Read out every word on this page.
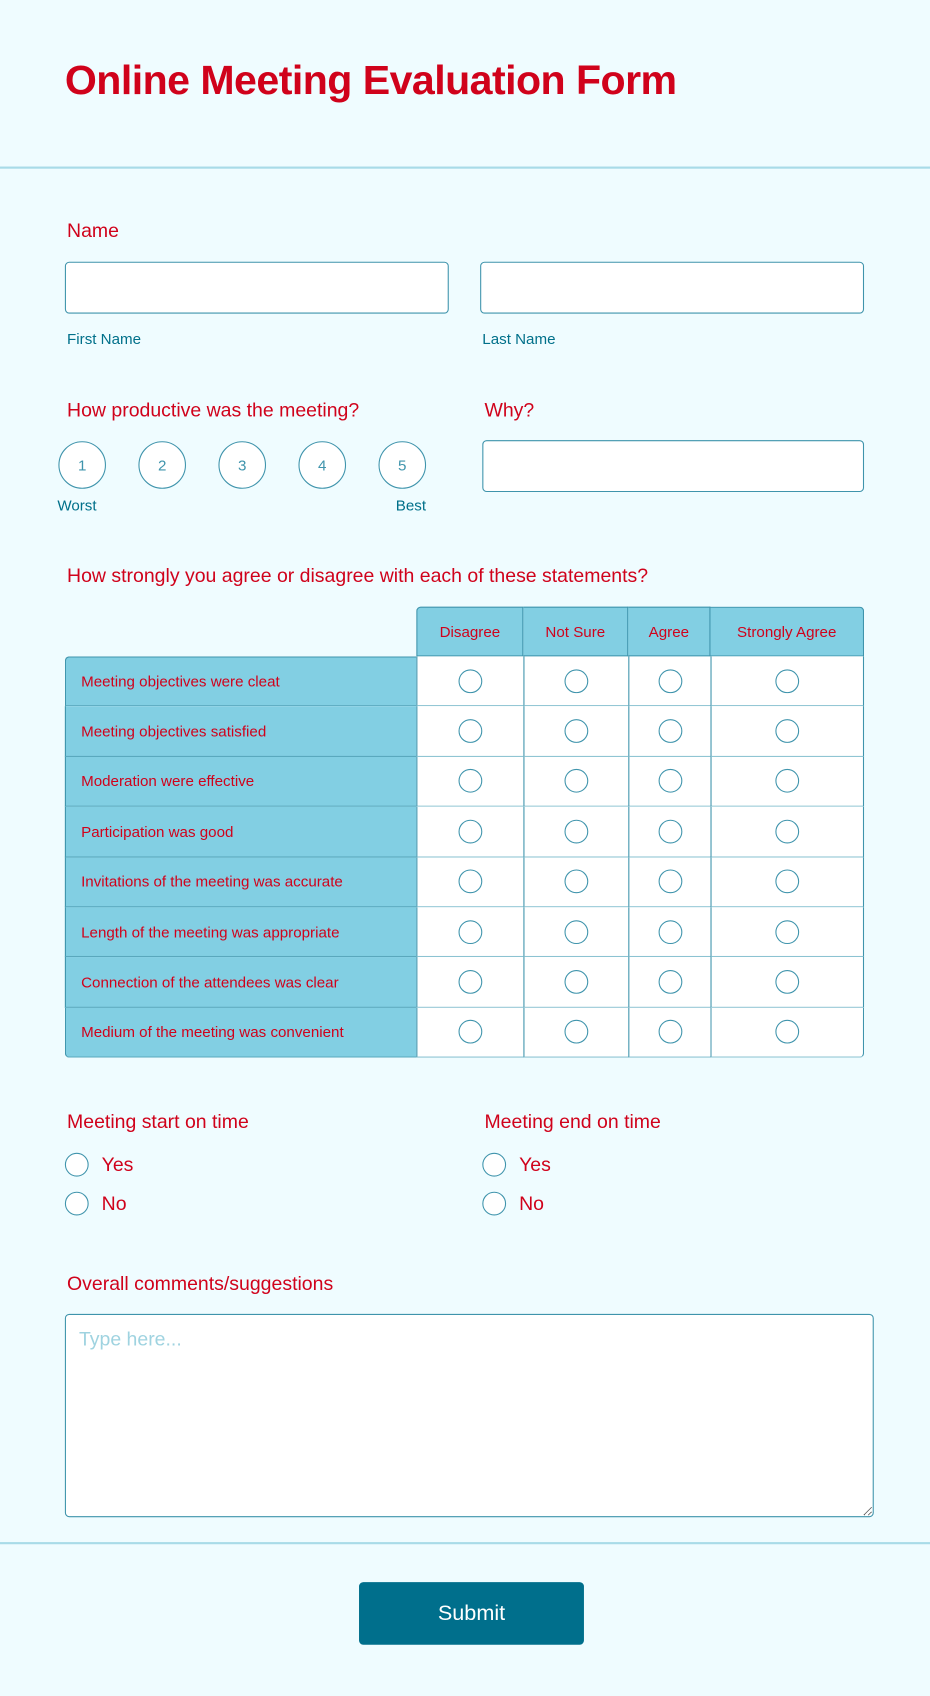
Online Meeting Evaluation Form
Name
First Name	Last Name
How productive was the meeting?
1	2	3	4	5
Worst	Best
Why?
How strongly you agree or disagree with each of these statements?
	Disagree	Not Sure	Agree	Strongly Agree
Meeting objectives were cleat				
Meeting objectives satisfied				
Moderation were effective				
Participation was good				
Invitations of the meeting was accurate				
Length of the meeting was appropriate				
Connection of the attendees was clear				
Medium of the meeting was convenient				
Meeting start on time
Yes
No
Meeting end on time
Yes
No
Overall comments/suggestions
Type here...
Submit
